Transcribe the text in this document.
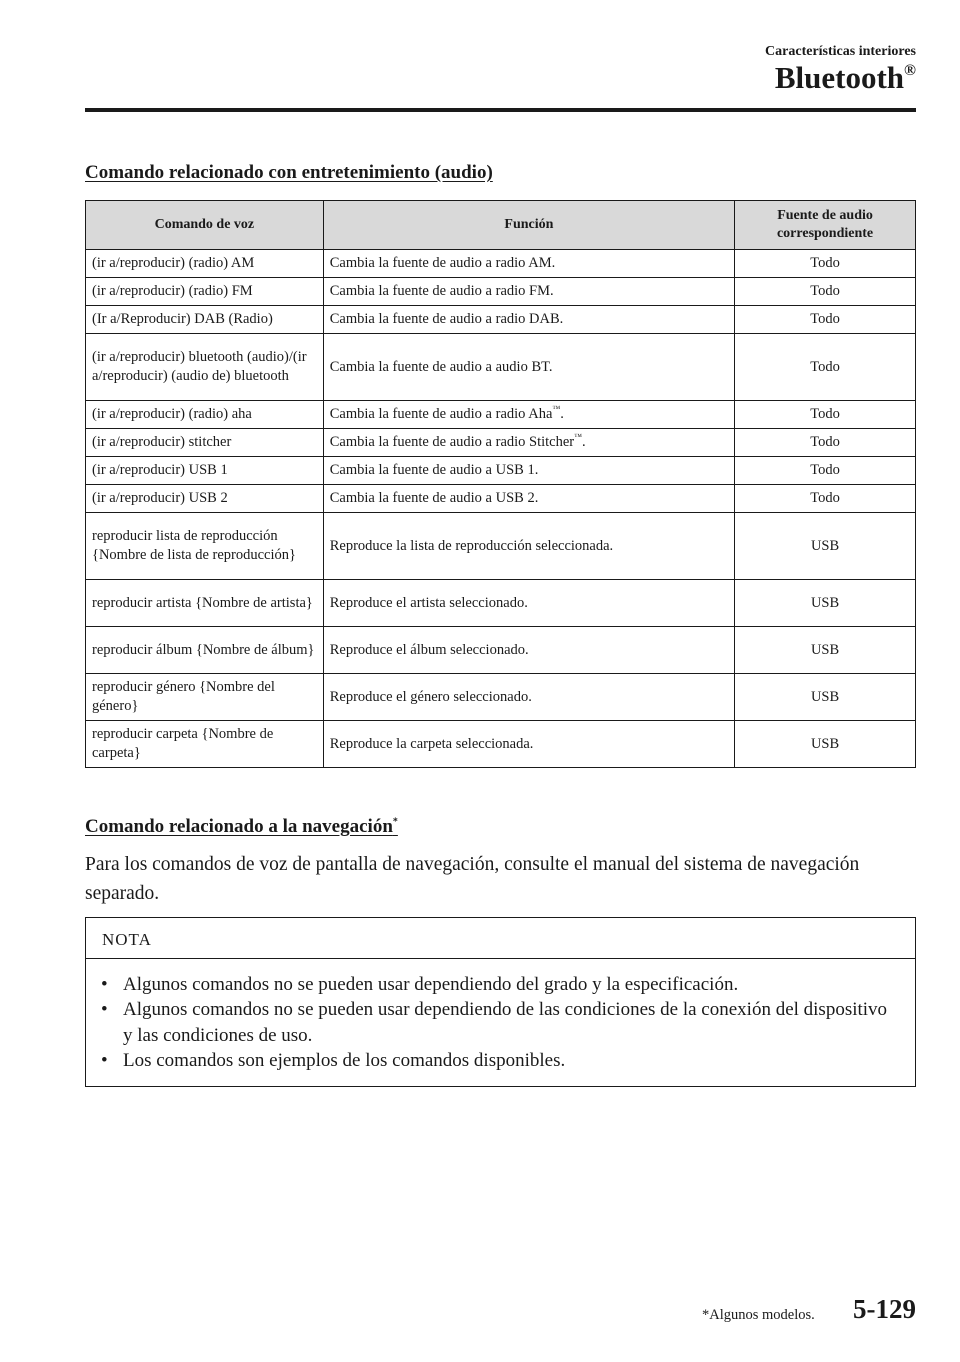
Características interiores
Bluetooth®
Comando relacionado con entretenimiento (audio)
Comando de voz	Función	Fuente de audio correspondiente
(ir a/reproducir) (radio) AM	Cambia la fuente de audio a radio AM.	Todo
(ir a/reproducir) (radio) FM	Cambia la fuente de audio a radio FM.	Todo
(Ir a/Reproducir) DAB (Radio)	Cambia la fuente de audio a radio DAB.	Todo
(ir a/reproducir) bluetooth (audio)/(ir a/reproducir) (audio de) bluetooth	Cambia la fuente de audio a audio BT.	Todo
(ir a/reproducir) (radio) aha	Cambia la fuente de audio a radio Aha™.	Todo
(ir a/reproducir) stitcher	Cambia la fuente de audio a radio Stitcher™.	Todo
(ir a/reproducir) USB 1	Cambia la fuente de audio a USB 1.	Todo
(ir a/reproducir) USB 2	Cambia la fuente de audio a USB 2.	Todo
reproducir lista de reproducción {Nombre de lista de reproducción}	Reproduce la lista de reproducción seleccionada.	USB
reproducir artista {Nombre de artista}	Reproduce el artista seleccionado.	USB
reproducir álbum {Nombre de álbum}	Reproduce el álbum seleccionado.	USB
reproducir género {Nombre del género}	Reproduce el género seleccionado.	USB
reproducir carpeta {Nombre de carpeta}	Reproduce la carpeta seleccionada.	USB
Comando relacionado a la navegación*
Para los comandos de voz de pantalla de navegación, consulte el manual del sistema de navegación separado.
NOTA
• Algunos comandos no se pueden usar dependiendo del grado y la especificación.
• Algunos comandos no se pueden usar dependiendo de las condiciones de la conexión del dispositivo y las condiciones de uso.
• Los comandos son ejemplos de los comandos disponibles.
*Algunos modelos. 5-129
